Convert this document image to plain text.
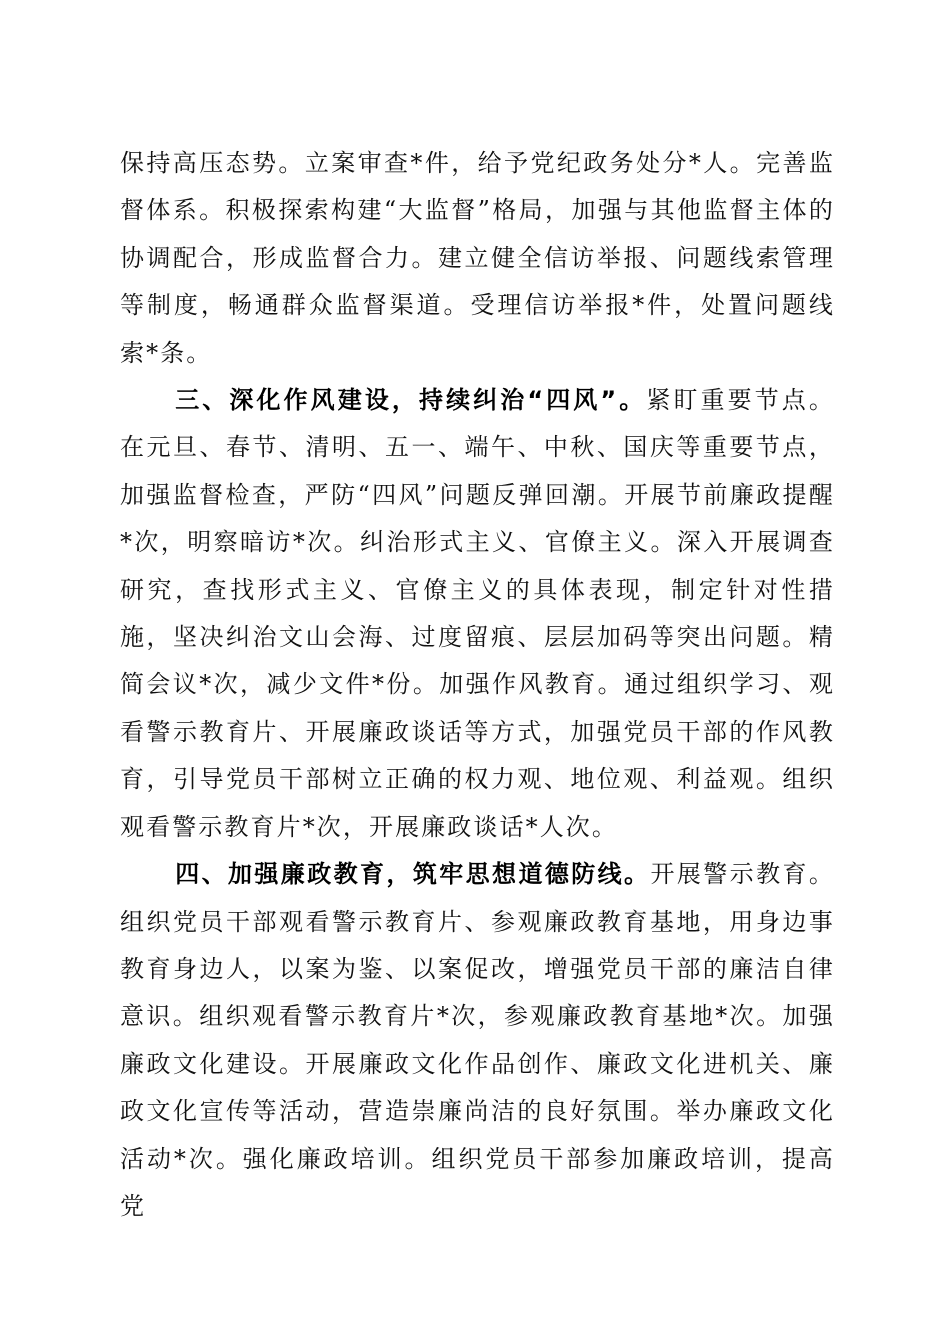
保持高压态势。立案审查*件，给予党纪政务处分*人。完善监督体系。积极探索构建“大监督”格局，加强与其他监督主体的协调配合，形成监督合力。建立健全信访举报、问题线索管理等制度，畅通群众监督渠道。受理信访举报*件，处置问题线索*条。

三、深化作风建设，持续纠治“四风”。紧盯重要节点。在元旦、春节、清明、五一、端午、中秋、国庆等重要节点，加强监督检查，严防“四风”问题反弹回潮。开展节前廉政提醒*次，明察暗访*次。纠治形式主义、官僚主义。深入开展调查研究，查找形式主义、官僚主义的具体表现，制定针对性措施，坚决纠治文山会海、过度留痕、层层加码等突出问题。精简会议*次，减少文件*份。加强作风教育。通过组织学习、观看警示教育片、开展廉政谈话等方式，加强党员干部的作风教育，引导党员干部树立正确的权力观、地位观、利益观。组织观看警示教育片*次，开展廉政谈话*人次。

四、加强廉政教育，筑牢思想道德防线。开展警示教育。组织党员干部观看警示教育片、参观廉政教育基地，用身边事教育身边人，以案为鉴、以案促改，增强党员干部的廉洁自律意识。组织观看警示教育片*次，参观廉政教育基地*次。加强廉政文化建设。开展廉政文化作品创作、廉政文化进机关、廉政文化宣传等活动，营造崇廉尚洁的良好氛围。举办廉政文化活动*次。强化廉政培训。组织党员干部参加廉政培训，提高党
